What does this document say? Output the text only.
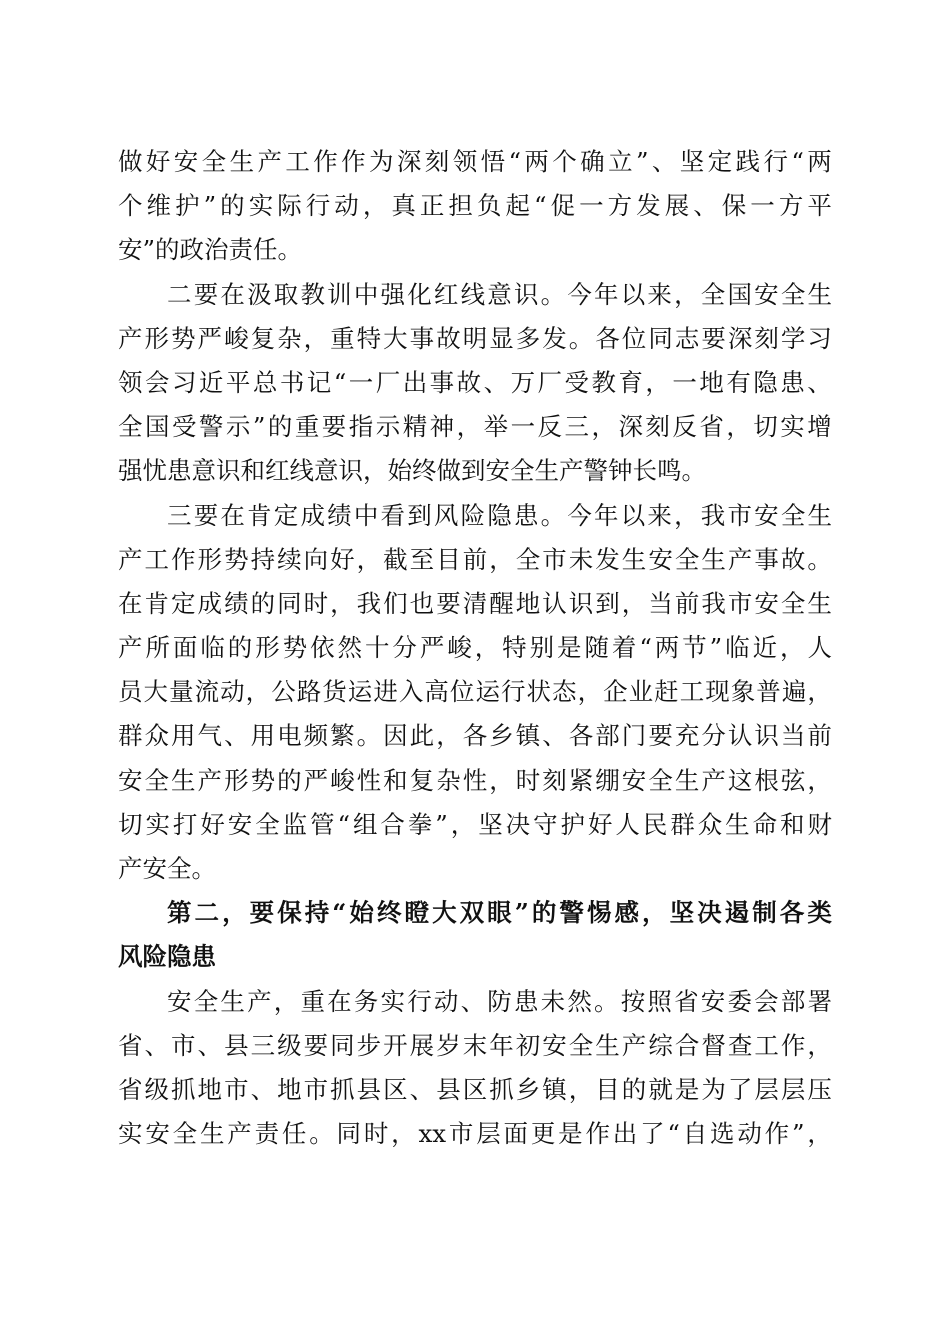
做 好 安 全 生 产 工 作 作 为 深 刻 领 悟 “ 两 个 确 立 ” 、 坚 定 践 行 “ 两
个 维 护 ” 的 实 际 行 动 ， 真 正 担 负 起 “ 促 一 方 发 展 、 保 一 方 平
安”的政治责任。
二 要 在 汲 取 教 训 中 强 化 红 线 意 识 。 今 年 以 来 ， 全 国 安 全 生
产 形 势 严 峻 复 杂 ， 重 特 大 事 故 明 显 多 发 。 各 位 同 志 要 深 刻 学 习
领 会 习 近 平 总 书 记 “ 一 厂 出 事 故 、 万 厂 受 教 育 ， 一 地 有 隐 患 、
全 国 受 警 示 ” 的 重 要 指 示 精 神 ， 举 一 反 三 ， 深 刻 反 省 ， 切 实 增
强忧患意识和红线意识，始终做到安全生产警钟长鸣。
三 要 在 肯 定 成 绩 中 看 到 风 险 隐 患 。 今 年 以 来 ， 我 市 安 全 生
产 工 作 形 势 持 续 向 好 ， 截 至 目 前 ， 全 市 未 发 生 安 全 生 产 事 故 。
在 肯 定 成 绩 的 同 时 ， 我 们 也 要 清 醒 地 认 识 到 ， 当 前 我 市 安 全 生
产 所 面 临 的 形 势 依 然 十 分 严 峻 ， 特 别 是 随 着 “ 两 节 ” 临 近 ， 人
员 大 量 流 动 ， 公 路 货 运 进 入 高 位 运 行 状 态 ， 企 业 赶 工 现 象 普 遍 ，
群 众 用 气 、 用 电 频 繁 。 因 此 ， 各 乡 镇 、 各 部 门 要 充 分 认 识 当 前
安 全 生 产 形 势 的 严 峻 性 和 复 杂 性 ， 时 刻 紧 绷 安 全 生 产 这 根 弦 ，
切 实 打 好 安 全 监 管 “ 组 合 拳 ” ， 坚 决 守 护 好 人 民 群 众 生 命 和 财
产安全。
第 二 ， 要 保 持 “ 始 终 瞪 大 双 眼 ” 的 警 惕 感 ， 坚 决 遏 制 各 类
风险隐患
安 全 生 产 ， 重 在 务 实 行 动 、 防 患 未 然 。 按 照 省 安 委 会 部 署
省 、 市 、 县 三 级 要 同 步 开 展 岁 末 年 初 安 全 生 产 综 合 督 查 工 作 ，
省 级 抓 地 市 、 地 市 抓 县 区 、 县 区 抓 乡 镇 ， 目 的 就 是 为 了 层 层 压
实 安 全 生 产 责 任 。 同 时 ， xx 市 层 面 更 是 作 出 了 “ 自 选 动 作 ” ，
